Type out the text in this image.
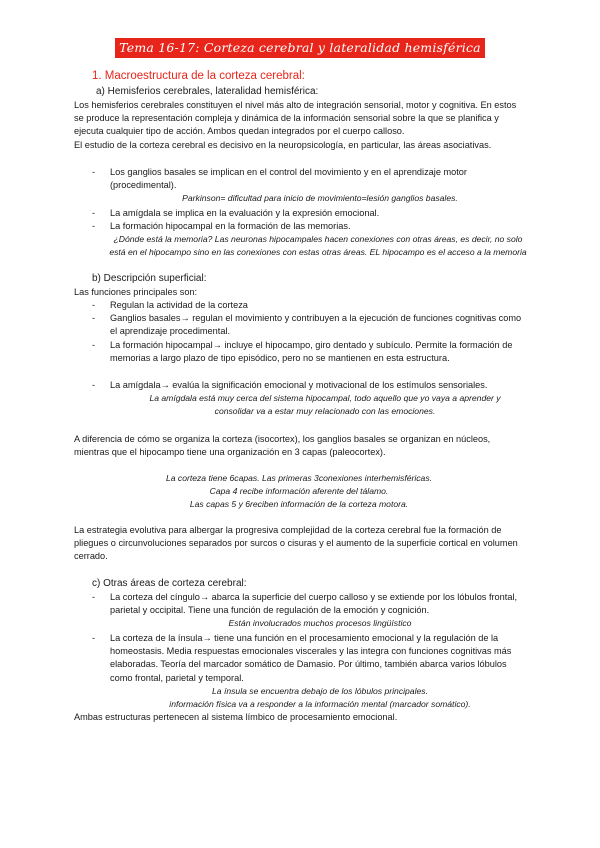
Tema 16-17: Corteza cerebral y lateralidad hemisférica
1. Macroestructura de la corteza cerebral:
a) Hemisferios cerebrales, lateralidad hemisférica:
Los hemisferios cerebrales constituyen el nivel más alto de integración sensorial, motor y cognitiva. En estos se produce la representación compleja y dinámica de la información sensorial sobre la que se planifica y ejecuta cualquier tipo de acción. Ambos quedan integrados por el cuerpo calloso.
El estudio de la corteza cerebral es decisivo en la neuropsicología, en particular, las áreas asociativas.
- Los ganglios basales se implican en el control del movimiento y en el aprendizaje motor (procedimental).
Parkinson= dificultad para inicio de movimiento=lesión ganglios basales.
- La amígdala se implica en la evaluación y la expresión emocional.
- La formación hipocampal en la formación de las memorias.
¿Dónde está la memoria? Las neuronas hipocampales hacen conexiones con otras áreas, es decir, no solo está en el hipocampo sino en las conexiones con estas otras áreas. EL hipocampo es el acceso a la memoria
b) Descripción superficial:
Las funciones principales son:
- Regulan la actividad de la corteza
- Ganglios basales→ regulan el movimiento y contribuyen a la ejecución de funciones cognitivas como el aprendizaje procedimental.
- La formación hipocampal→ incluye el hipocampo, giro dentado y subículo. Permite la formación de memorias a largo plazo de tipo episódico, pero no se mantienen en esta estructura.
- La amígdala→ evalúa la significación emocional y motivacional de los estímulos sensoriales.
La amígdala está muy cerca del sistema hipocampal, todo aquello que yo vaya a aprender y consolidar va a estar muy relacionado con las emociones.
A diferencia de cómo se organiza la corteza (isocortex), los ganglios basales se organizan en núcleos, mientras que el hipocampo tiene una organización en 3 capas (paleocortex).
La corteza tiene 6capas. Las primeras 3conexiones interhemisféricas.
Capa 4 recibe información aferente del tálamo.
Las capas 5 y 6reciben información de la corteza motora.
La estrategia evolutiva para albergar la progresiva complejidad de la corteza cerebral fue la formación de pliegues o circunvoluciones separados por surcos o cisuras y el aumento de la superficie cortical en volumen cerrado.
c) Otras áreas de corteza cerebral:
- La corteza del cíngulo→ abarca la superficie del cuerpo calloso y se extiende por los lóbulos frontal, parietal y occipital. Tiene una función de regulación de la emoción y cognición.
Están involucrados muchos procesos lingüístico
- La corteza de la ínsula→ tiene una función en el procesamiento emocional y la regulación de la homeostasis. Media respuestas emocionales viscerales y las integra con funciones cognitivas más elaboradas. Teoría del marcador somático de Damasio. Por último, también abarca varios lóbulos como frontal, parietal y temporal.
La ínsula se encuentra debajo de los lóbulos principales.
información física va a responder a la información mental (marcador somático).
Ambas estructuras pertenecen al sistema límbico de procesamiento emocional.
